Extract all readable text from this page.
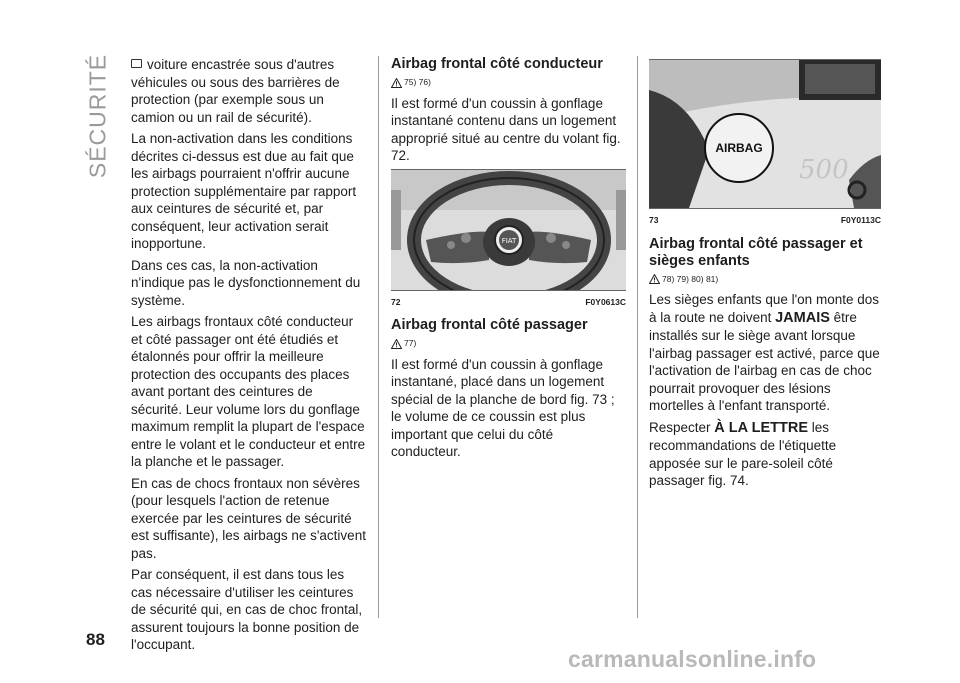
SÉCURITÉ	voiture encastrée sous d'autres véhicules ou sous des barrières de protection (par exemple sous un camion ou un rail de sécurité).

La non-activation dans les conditions décrites ci-dessus est due au fait que les airbags pourraient n'offrir aucune protection supplémentaire par rapport aux ceintures de sécurité et, par conséquent, leur activation serait inopportune.

Dans ces cas, la non-activation n'indique pas le dysfonctionnement du système.

Les airbags frontaux côté conducteur et côté passager ont été étudiés et étalonnés pour offrir la meilleure protection des occupants des places avant portant des ceintures de sécurité. Leur volume lors du gonflage maximum remplit la plupart de l'espace entre le volant et le conducteur et entre la planche et le passager.

En cas de chocs frontaux non sévères (pour lesquels l'action de retenue exercée par les ceintures de sécurité est suffisante), les airbags ne s'activent pas.

Par conséquent, il est dans tous les cas nécessaire d'utiliser les ceintures de sécurité qui, en cas de choc frontal, assurent toujours la bonne position de l'occupant.

Airbag frontal côté conducteur
75) 76)

Il est formé d'un coussin à gonflage instantané contenu dans un logement approprié situé au centre du volant fig. 72.

FIAT
72	F0Y0613C
Airbag frontal côté passager
77)

Il est formé d'un coussin à gonflage instantané, placé dans un logement spécial de la planche de bord fig. 73 ; le volume de ce coussin est plus important que celui du côté conducteur.

500
AIRBAG
73	F0Y0113C
Airbag frontal côté passager et sièges enfants
78) 79) 80) 81)

Les sièges enfants que l'on monte dos à la route ne doivent JAMAIS être installés sur le siège avant lorsque l'airbag passager est activé, parce que l'activation de l'airbag en cas de choc pourrait provoquer des lésions mortelles à l'enfant transporté.

Respecter À LA LETTRE les recommandations de l'étiquette apposée sur le pare-soleil côté passager fig. 74.

88
carmanualsonline.info
